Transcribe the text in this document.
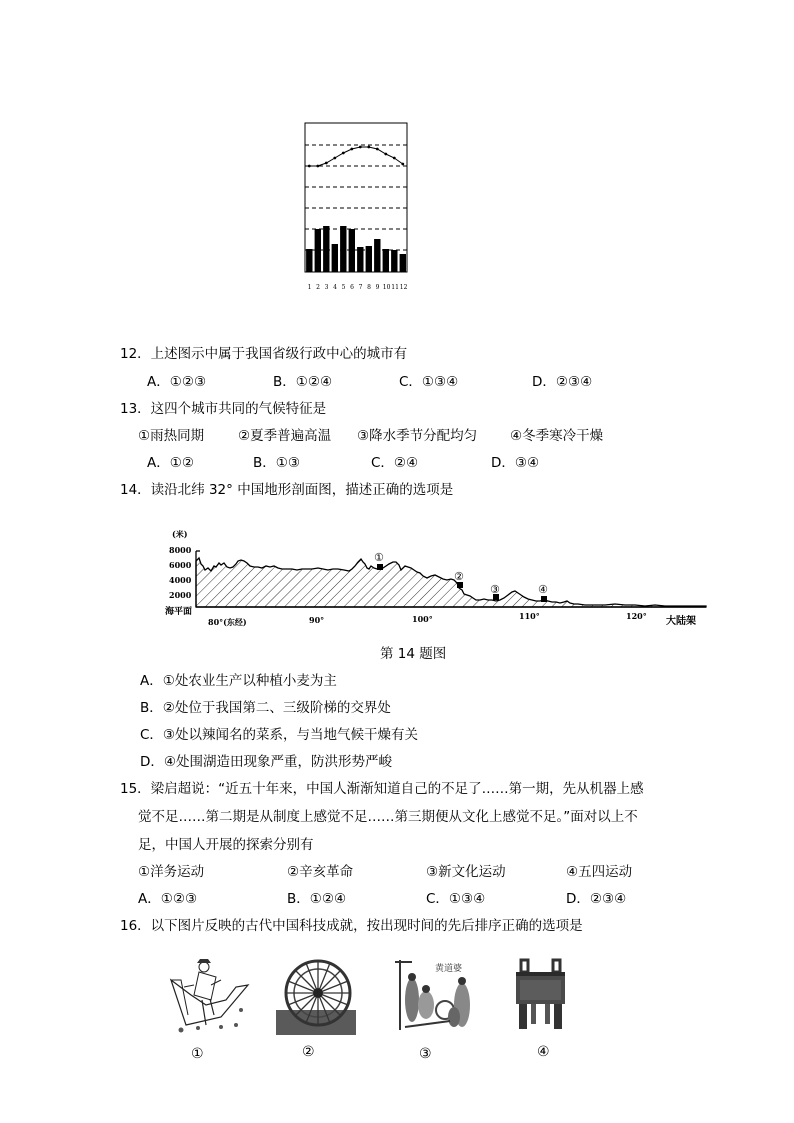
1 2 3 4 5 6 7 8 9 10 11 12
12．上述图示中属于我国省级行政中心的城市有
A．①②③	B．①②④	C．①③④	D．②③④
13．这四个城市共同的气候特征是
①雨热同期	②夏季普遍高温 ③降水季节分配均匀 ④冬季寒冷干燥
A．①②	B．①③	C．②④	D．③④
14．读沿北纬 32° 中国地形剖面图，描述正确的选项是
(米)
8000
6000
4000
2000
海平面
80°(东经)	90°	100°	110°	120° 大陆架
①
②
③	④
第 14 题图
A．①处农业生产以种植小麦为主
B．②处位于我国第二、三级阶梯的交界处
C．③处以辣闻名的菜系，与当地气候干燥有关
D．④处围湖造田现象严重，防洪形势严峻
15．梁启超说：“近五十年来，中国人渐渐知道自己的不足了……第一期，先从机器上感
觉不足……第二期是从制度上感觉不足……第三期便从文化上感觉不足。”面对以上不
足，中国人开展的探索分别有
①洋务运动	②辛亥革命	③新文化运动	④五四运动
A．①②③	B．①②④	C．①③④	D．②③④
16．以下图片反映的古代中国科技成就，按出现时间的先后排序正确的选项是
①	②
黄道婆
③	④
